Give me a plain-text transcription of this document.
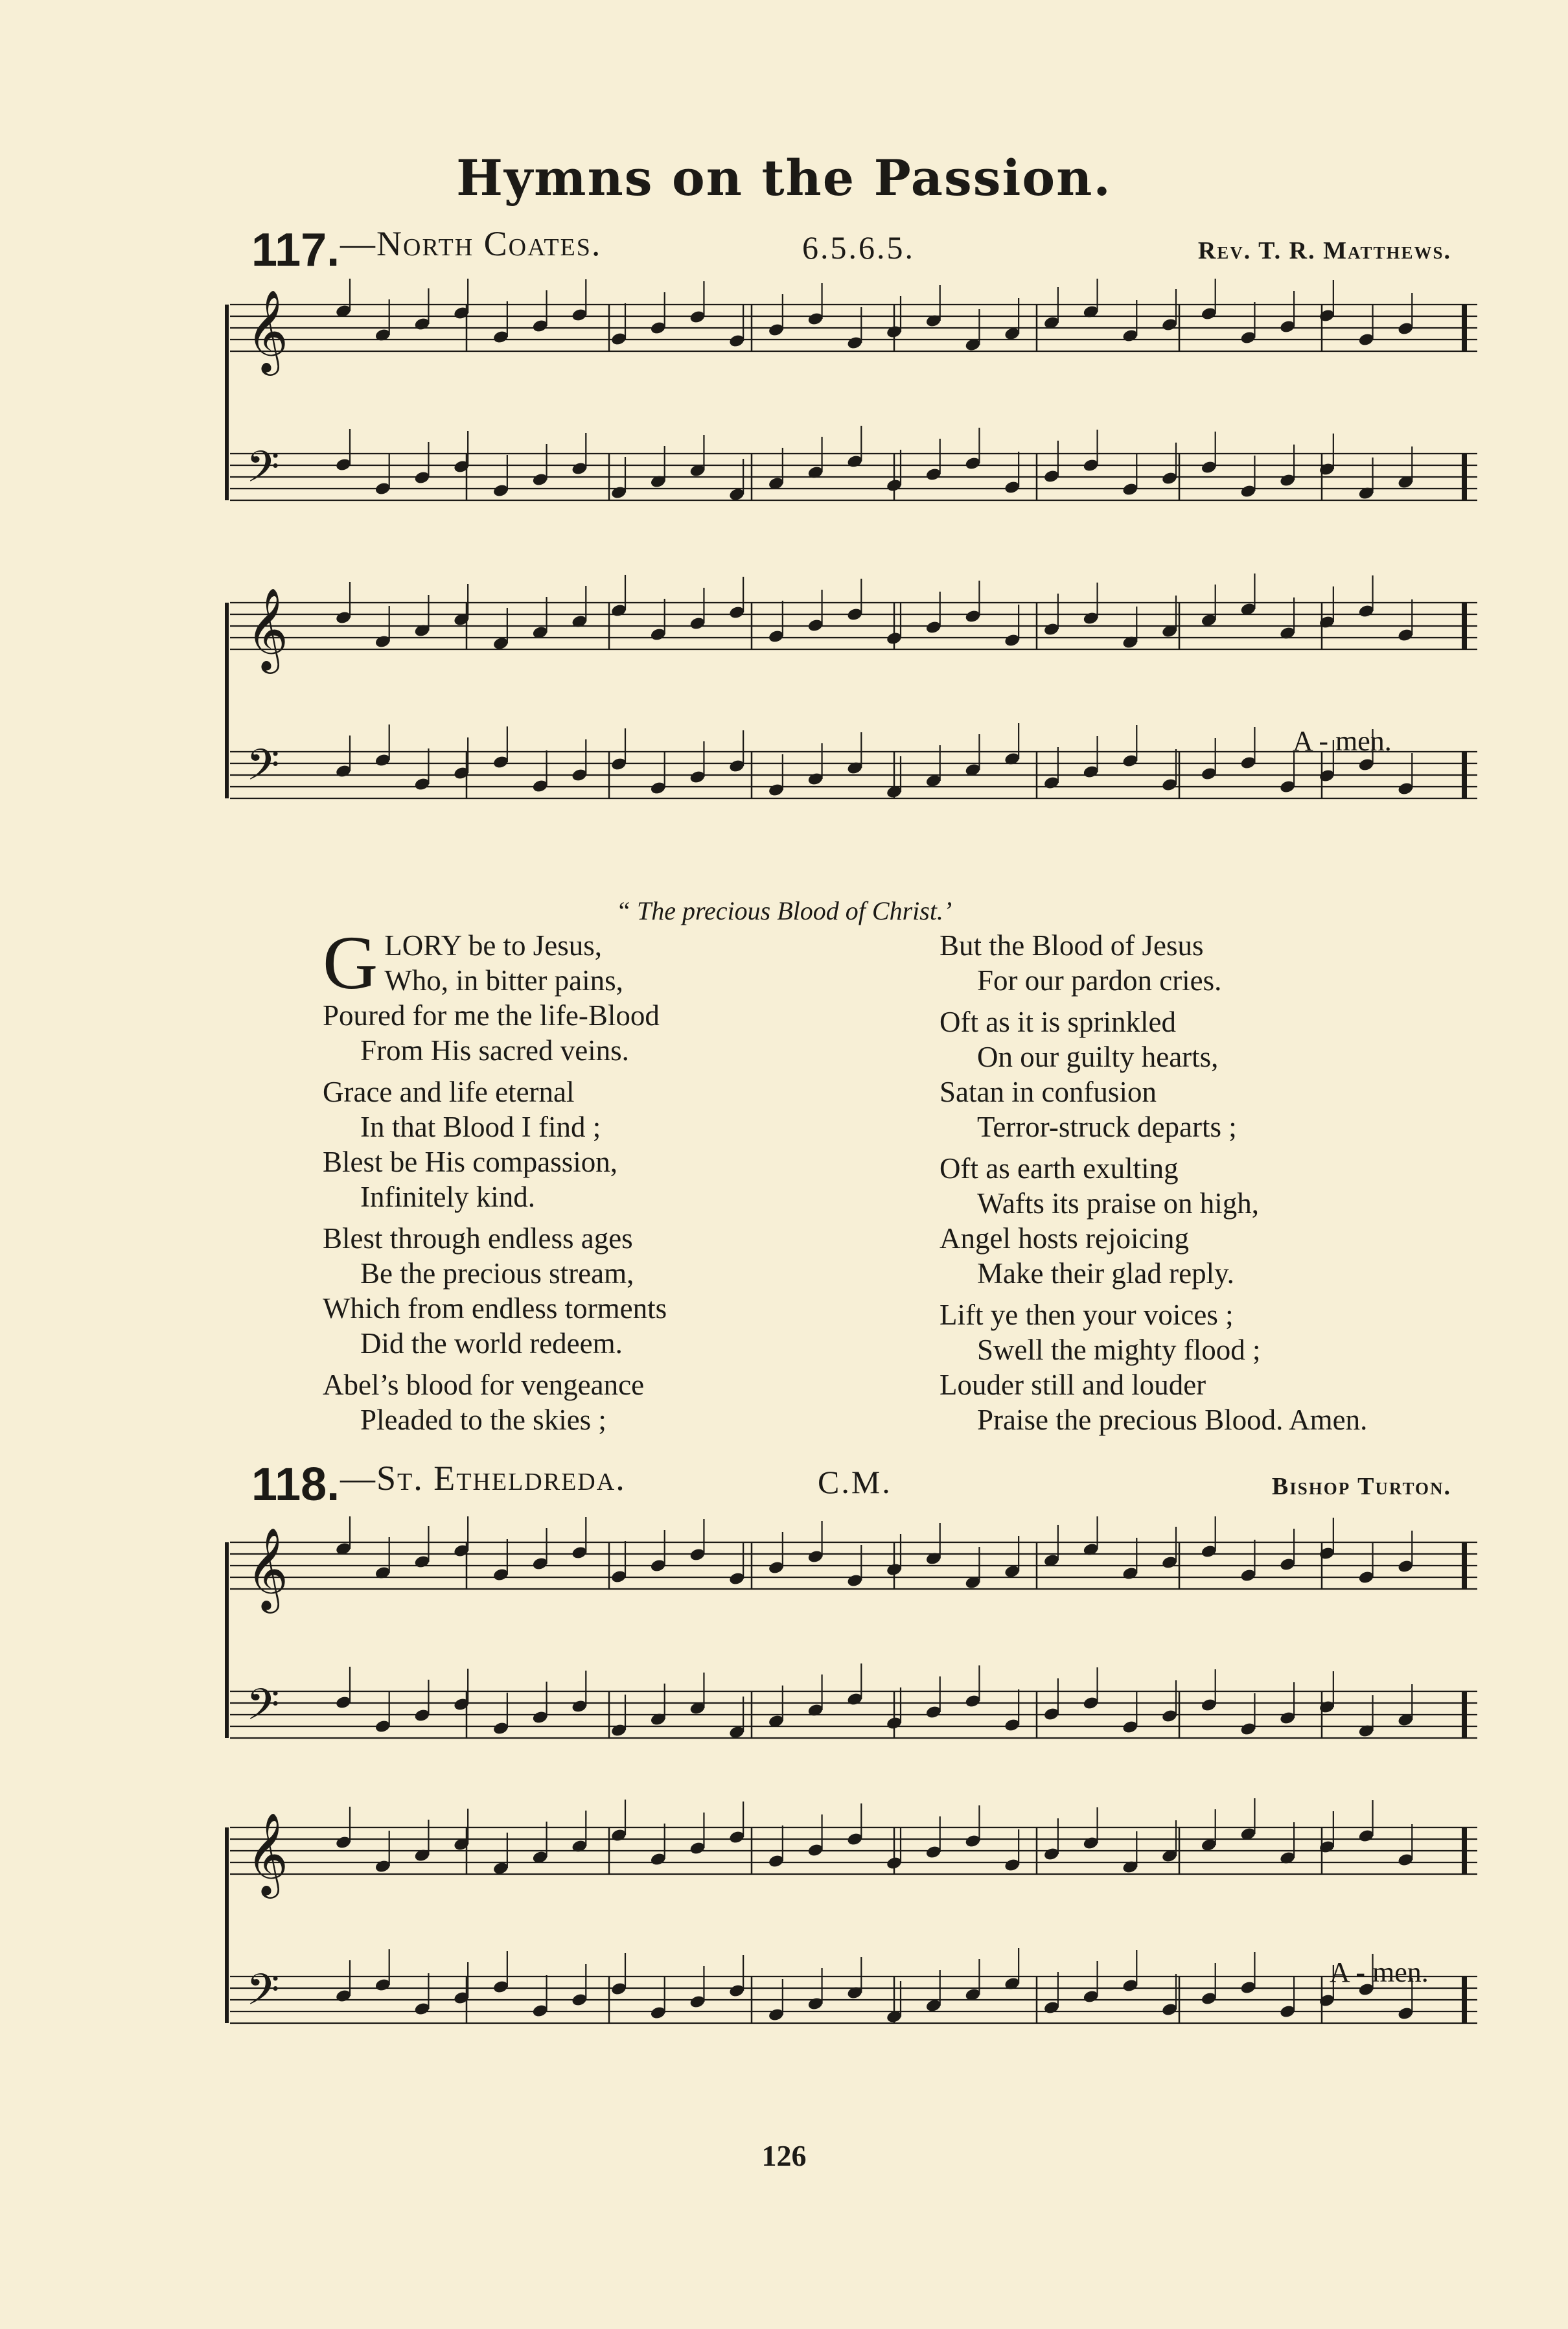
Hymns on the Passion.
117. —North Coates.	6.5.6.5.	Rev. T. R. Matthews.
𝄞
𝄢
𝄞
𝄢	A - men.
“ The precious Blood of Christ.’
GLORY be to Jesus,
Who, in bitter pains,
Poured for me the life-Blood
From His sacred veins.
Grace and life eternal
In that Blood I find ;
Blest be His compassion,
Infinitely kind.
Blest through endless ages
Be the precious stream,
Which from endless torments
Did the world redeem.
Abel’s blood for vengeance
Pleaded to the skies ;
But the Blood of Jesus
For our pardon cries.
Oft as it is sprinkled
On our guilty hearts,
Satan in confusion
Terror-struck departs ;
Oft as earth exulting
Wafts its praise on high,
Angel hosts rejoicing
Make their glad reply.
Lift ye then your voices ;
Swell the mighty flood ;
Louder still and louder
Praise the precious Blood. Amen.
118. —St. Etheldreda.	C.M.	Bishop Turton.
𝄞
𝄢
𝄞
𝄢	A - men.
126
